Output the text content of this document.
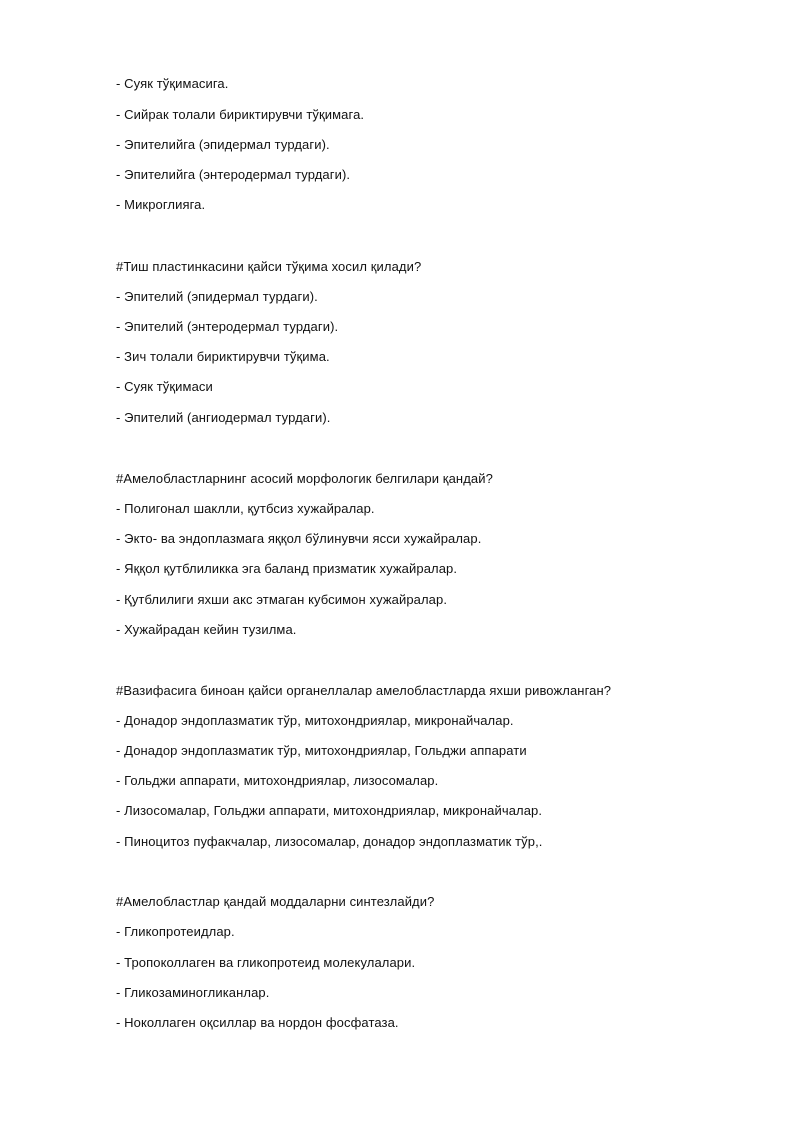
- Суяк тўқимасига.
- Сийрак толали бириктирувчи тўқимага.
- Эпителийга (эпидермал турдаги).
- Эпителийга (энтеродермал турдаги).
- Микроглияга.
#Тиш пластинкасини қайси тўқима хосил қилади?
- Эпителий (эпидермал турдаги).
- Эпителий (энтеродермал турдаги).
- Зич толали бириктирувчи тўқима.
- Суяк тўқимаси
- Эпителий (ангиодермал турдаги).
#Амелобластларнинг асосий морфологик белгилари қандай?
- Полигонал шаклли, қутбсиз хужайралар.
- Экто- ва эндоплазмага яққол бўлинувчи ясси хужайралар.
- Яққол қутблиликка эга баланд призматик хужайралар.
- Қутблилиги яхши акс этмаган кубсимон хужайралар.
- Хужайрадан кейин тузилма.
#Вазифасига биноан қайси органеллалар амелобластларда яхши ривожланган?
- Донадор эндоплазматик тўр, митохондриялар, микронайчалар.
- Донадор эндоплазматик тўр, митохондриялар, Гольджи аппарати
- Гольджи аппарати, митохондриялар, лизосомалар.
- Лизосомалар, Гольджи аппарати, митохондриялар, микронайчалар.
- Пиноцитоз пуфакчалар, лизосомалар, донадор эндоплазматик тўр,.
#Амелобластлар қандай моддаларни синтезлайди?
- Гликопротеидлар.
- Тропоколлаген ва гликопротеид молекулалари.
- Гликозаминогликанлар.
- Ноколлаген оқсиллар ва нордон фосфатаза.
